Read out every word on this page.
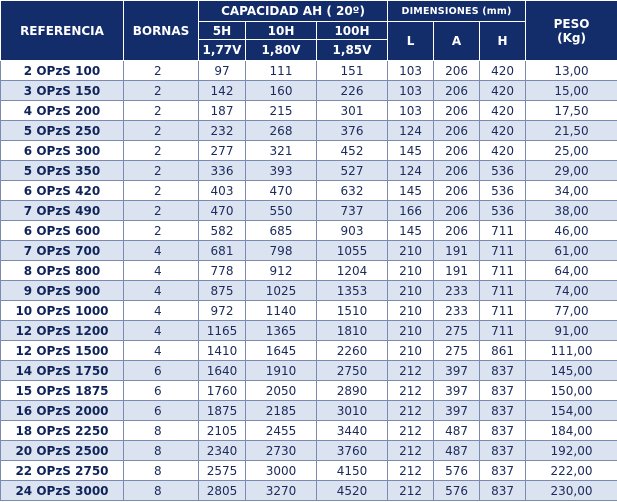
REFERENCIA	BORNAS	CAPACIDAD AH ( 20º)			DIMENSIONES (mm)			PESO
(Kg)
		5H	10H	100H	L	A	H	
		1,77V	1,80V	1,85V				
2 OPzS 100	2	97	111	151	103	206	420	13,00
3 OPzS 150	2	142	160	226	103	206	420	15,00
4 OPzS 200	2	187	215	301	103	206	420	17,50
5 OPzS 250	2	232	268	376	124	206	420	21,50
6 OPzS 300	2	277	321	452	145	206	420	25,00
5 OPzS 350	2	336	393	527	124	206	536	29,00
6 OPzS 420	2	403	470	632	145	206	536	34,00
7 OPzS 490	2	470	550	737	166	206	536	38,00
6 OPzS 600	2	582	685	903	145	206	711	46,00
7 OPzS 700	4	681	798	1055	210	191	711	61,00
8 OPzS 800	4	778	912	1204	210	191	711	64,00
9 OPzS 900	4	875	1025	1353	210	233	711	74,00
10 OPzS 1000	4	972	1140	1510	210	233	711	77,00
12 OPzS 1200	4	1165	1365	1810	210	275	711	91,00
12 OPzS 1500	4	1410	1645	2260	210	275	861	111,00
14 OPzS 1750	6	1640	1910	2750	212	397	837	145,00
15 OPzS 1875	6	1760	2050	2890	212	397	837	150,00
16 OPzS 2000	6	1875	2185	3010	212	397	837	154,00
18 OPzS 2250	8	2105	2455	3440	212	487	837	184,00
20 OPzS 2500	8	2340	2730	3760	212	487	837	192,00
22 OPzS 2750	8	2575	3000	4150	212	576	837	222,00
24 OPzS 3000	8	2805	3270	4520	212	576	837	230,00
